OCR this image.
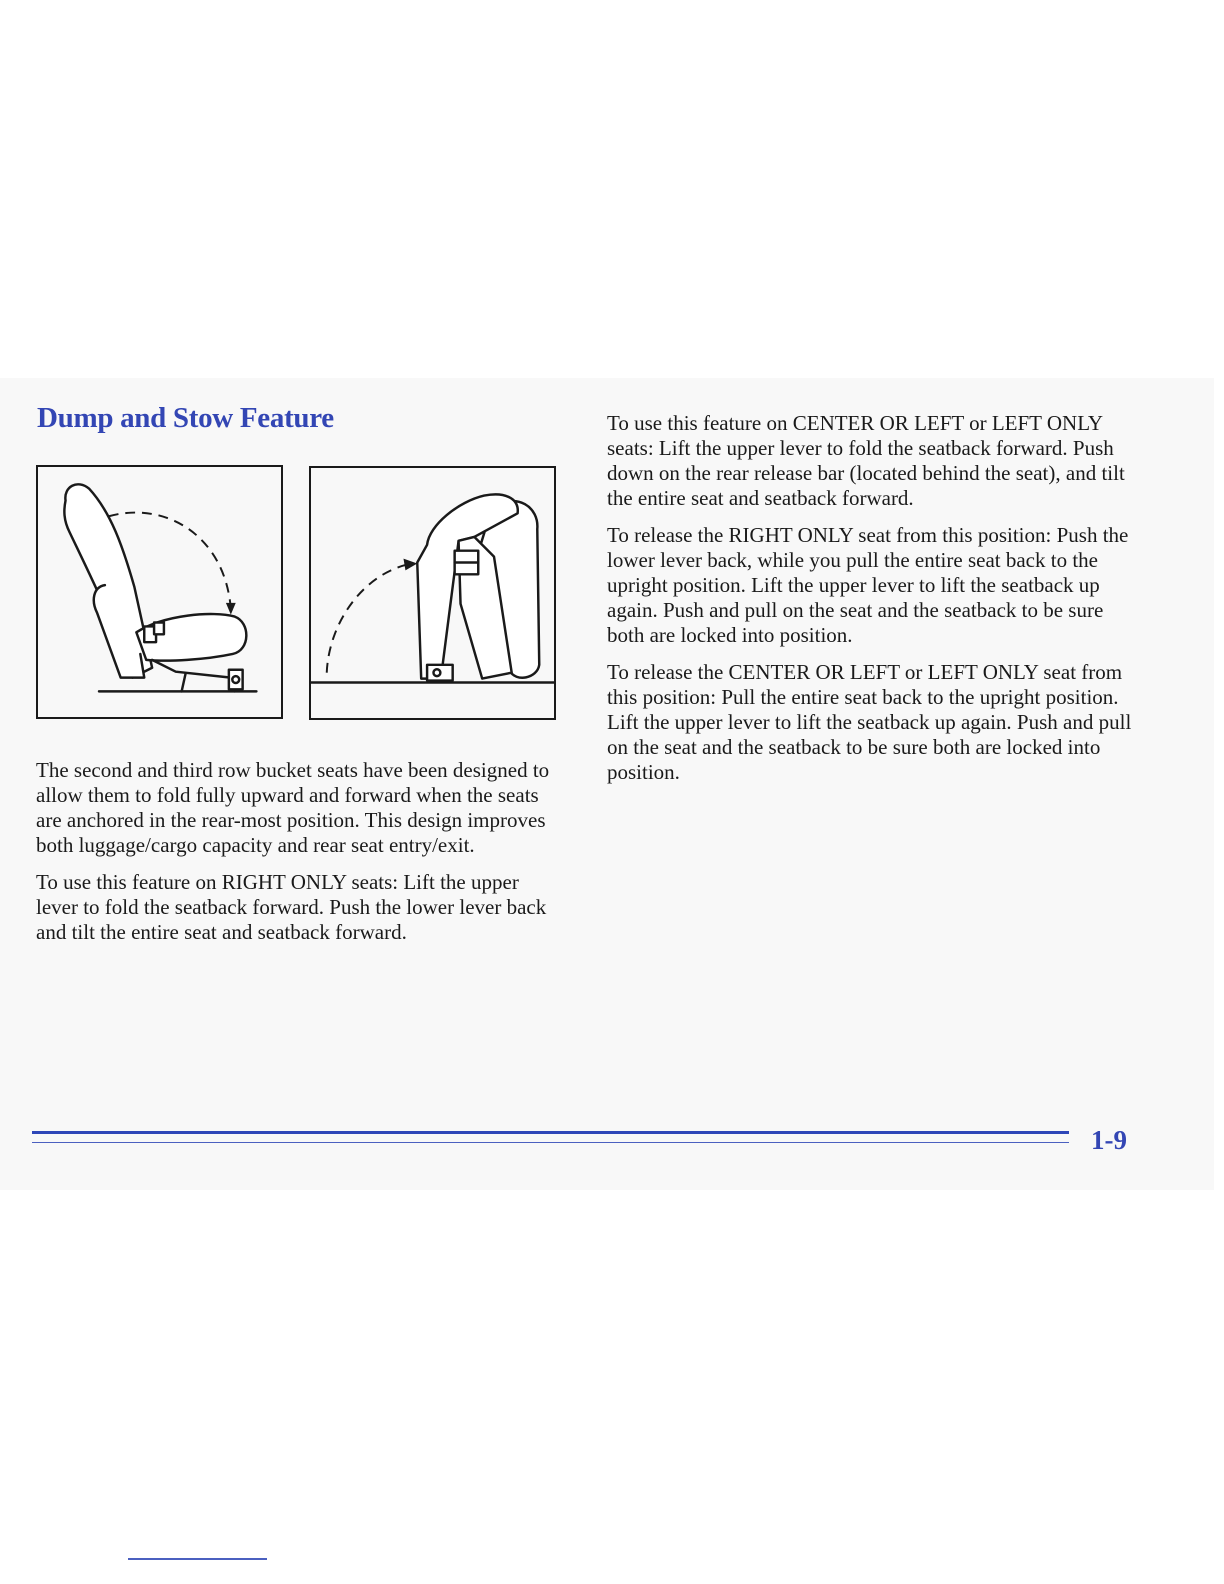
Dump and Stow Feature

The second and third row bucket seats have been designed to allow them to fold fully upward and forward when the seats are anchored in the rear-most position. This design improves both luggage/cargo capacity and rear seat entry/exit.

To use this feature on RIGHT ONLY seats: Lift the upper lever to fold the seatback forward. Push the lower lever back and tilt the entire seat and seatback forward.

To use this feature on CENTER OR LEFT or LEFT ONLY seats: Lift the upper lever to fold the seatback forward. Push down on the rear release bar (located behind the seat), and tilt the entire seat and seatback forward.

To release the RIGHT ONLY seat from this position: Push the lower lever back, while you pull the entire seat back to the upright position. Lift the upper lever to lift the seatback up again. Push and pull on the seat and the seatback to be sure both are locked into position.

To release the CENTER OR LEFT or LEFT ONLY seat from this position: Pull the entire seat back to the upright position. Lift the upper lever to lift the seatback up again. Push and pull on the seat and the seatback to be sure both are locked into position.

1-9
